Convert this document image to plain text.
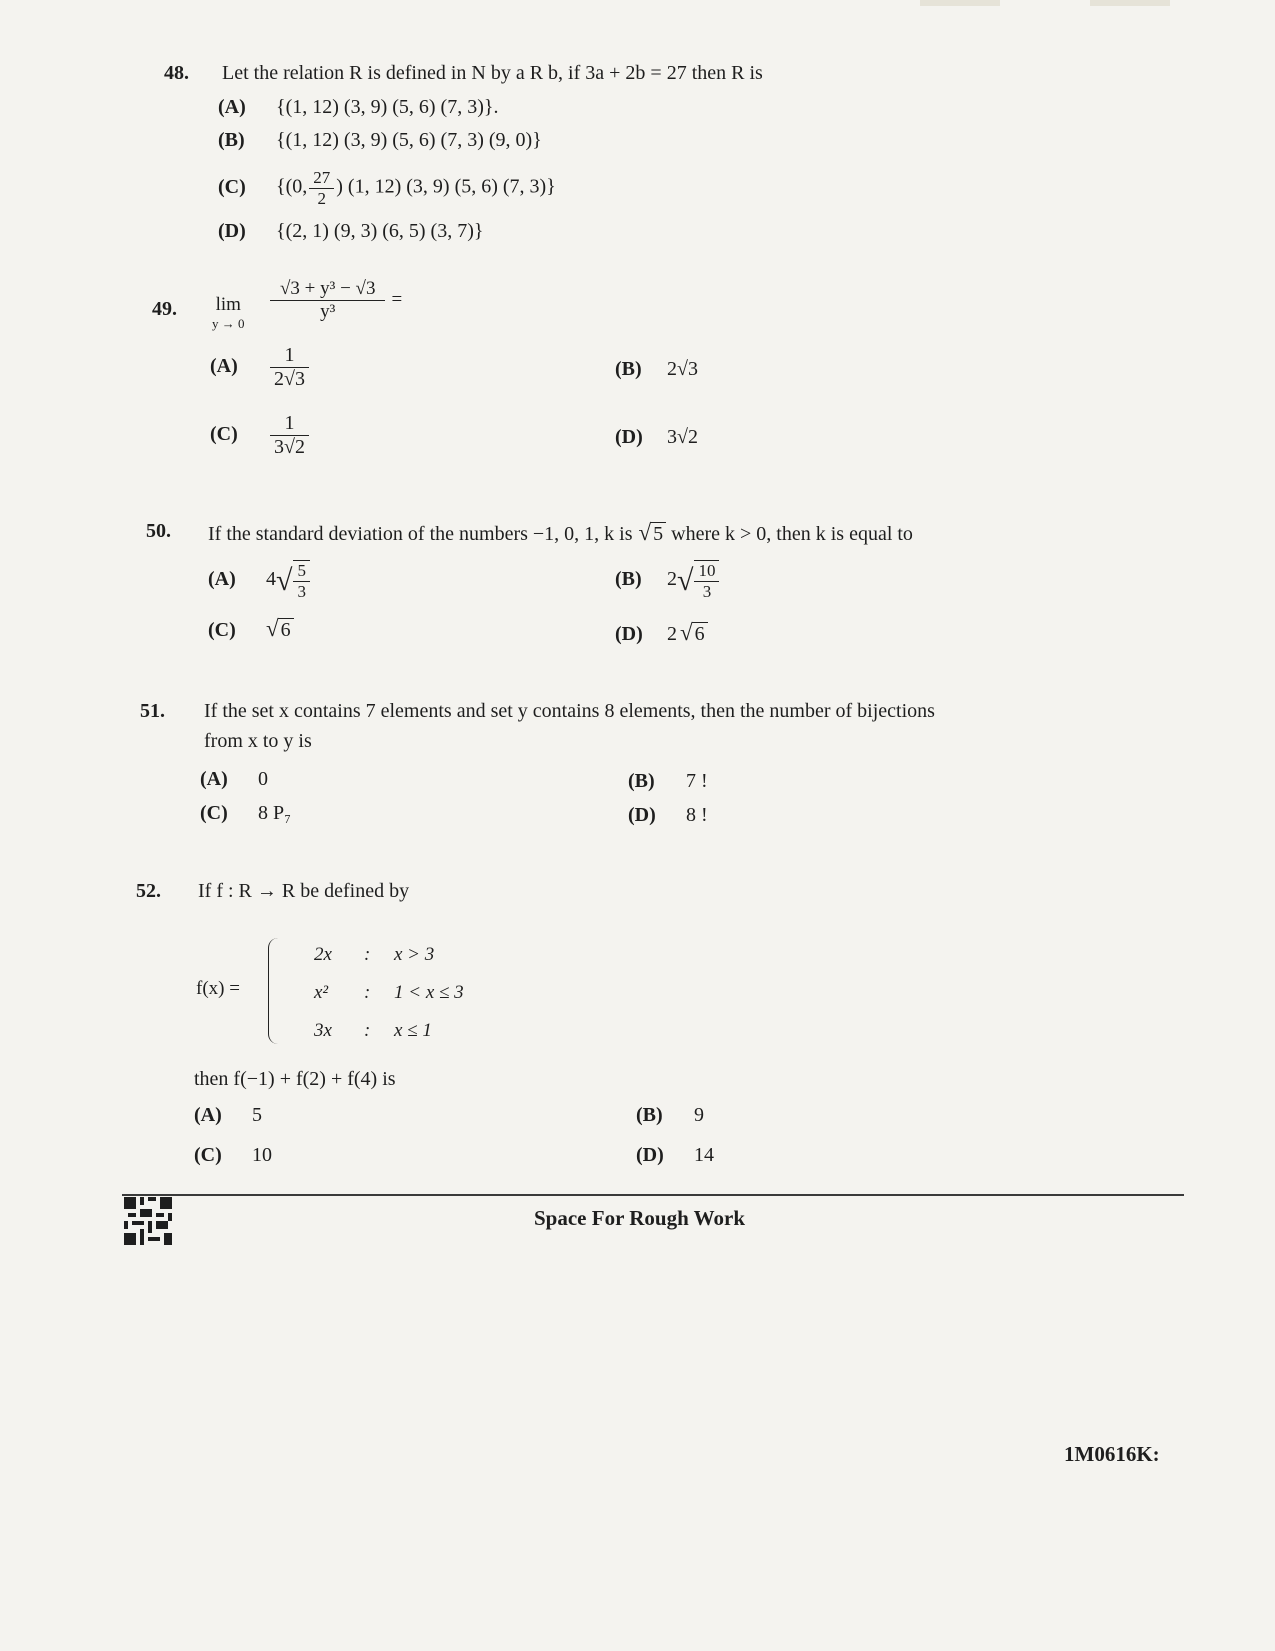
48. Let the relation R is defined in N by a R b, if 3a + 2b = 27 then R is
(A) {(1, 12) (3, 9) (5, 6) (7, 3)}.
(B) {(1, 12) (3, 9) (5, 6) (7, 3) (9, 0)}
(C) {(0, $\frac{27}{2}$ ) (1, 12) (3, 9) (5, 6) (7, 3)}
(D) {(2, 1) (9, 3) (6, 5) (3, 7)}
49. lim
y → 0
$\frac{\text{√3 + y³ − √3}}{\text{y³}}$ =
$(A) \frac{1}{2√3}$	(B) 2√3
$(C) \frac{1}{3√2}$	(D) 3√2
50. If the standard deviation of the numbers −1, 0, 1, k is √ 5 where k > 0, then k is equal to
(A) $4√ \frac{5}{3}$	(B) $2√ \frac{10}{3}$
(C) √ 6	(D) 2 √ 6
51. If the set x contains 7 elements and set y contains 8 elements, then the number of bijections
from x to y is
(A) 0	(B) 7 !
(C) 8 P₇	(D) 8 !
52. If f : R → R be defined by
f(x) =
2x : x > 3
x² : 1 < x ≤ 3
3x : x ≤ 1
then f(−1) + f(2) + f(4) is
(A) 5	(B) 9
(C) 10	(D) 14
Space For Rough Work
1M0616K:
